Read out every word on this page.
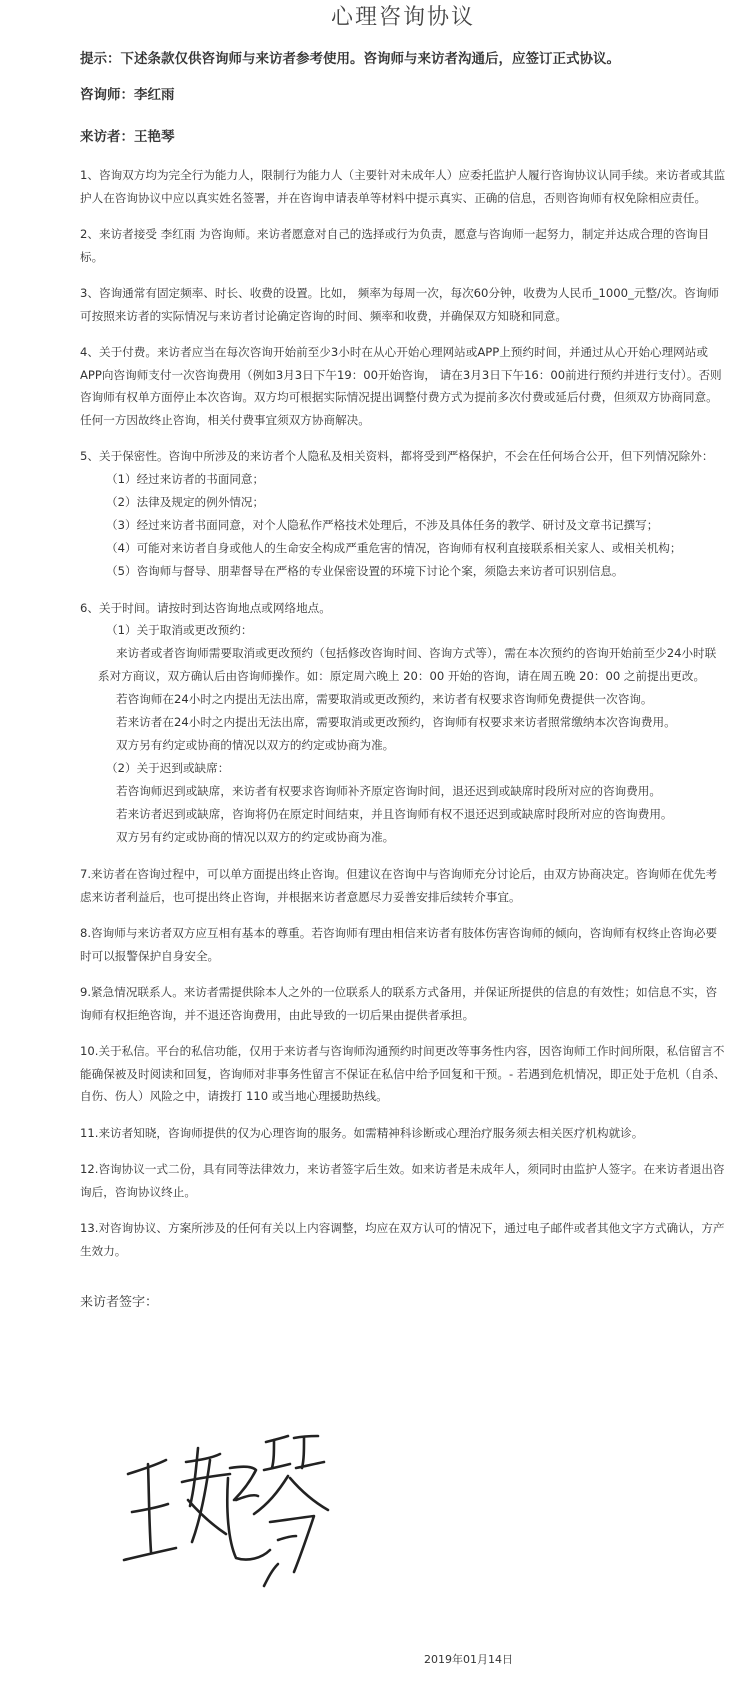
心理咨询协议

提示：下述条款仅供咨询师与来访者参考使用。咨询师与来访者沟通后，应签订正式协议。

咨询师：李红雨

来访者：王艳琴

1、咨询双方均为完全行为能力人，限制行为能力人（主要针对未成年人）应委托监护人履行咨询协议认同手续。来访者或其监护人在咨询协议中应以真实姓名签署，并在咨询申请表单等材料中提示真实、正确的信息，否则咨询师有权免除相应责任。

2、来访者接受 李红雨 为咨询师。来访者愿意对自己的选择或行为负责，愿意与咨询师一起努力，制定并达成合理的咨询目标。

3、咨询通常有固定频率、时长、收费的设置。比如， 频率为每周一次，每次60分钟，收费为人民币_1000_元整/次。咨询师可按照来访者的实际情况与来访者讨论确定咨询的时间、频率和收费，并确保双方知晓和同意。

4、关于付费。来访者应当在每次咨询开始前至少3小时在从心开始心理网站或APP上预约时间，并通过从心开始心理网站或APP向咨询师支付一次咨询费用（例如3月3日下午19：00开始咨询， 请在3月3日下午16：00前进行预约并进行支付）。否则咨询师有权单方面停止本次咨询。双方均可根据实际情况提出调整付费方式为提前多次付费或延后付费，但须双方协商同意。任何一方因故终止咨询，相关付费事宜须双方协商解决。

5、关于保密性。咨询中所涉及的来访者个人隐私及相关资料，都将受到严格保护，不会在任何场合公开，但下列情况除外：

（1）经过来访者的书面同意；

（2）法律及规定的例外情况；

（3）经过来访者书面同意，对个人隐私作严格技术处理后，不涉及具体任务的教学、研讨及文章书记撰写；

（4）可能对来访者自身或他人的生命安全构成严重危害的情况，咨询师有权利直接联系相关家人、或相关机构；

（5）咨询师与督导、朋辈督导在严格的专业保密设置的环境下讨论个案，须隐去来访者可识别信息。

6、关于时间。请按时到达咨询地点或网络地点。

（1）关于取消或更改预约：

来访者或者咨询师需要取消或更改预约（包括修改咨询时间、咨询方式等），需在本次预约的咨询开始前至少24小时联系对方商议，双方确认后由咨询师操作。如：原定周六晚上 20：00 开始的咨询，请在周五晚 20：00 之前提出更改。

若咨询师在24小时之内提出无法出席，需要取消或更改预约，来访者有权要求咨询师免费提供一次咨询。

若来访者在24小时之内提出无法出席，需要取消或更改预约，咨询师有权要求来访者照常缴纳本次咨询费用。

双方另有约定或协商的情况以双方的约定或协商为准。

（2）关于迟到或缺席：

若咨询师迟到或缺席，来访者有权要求咨询师补齐原定咨询时间，退还迟到或缺席时段所对应的咨询费用。

若来访者迟到或缺席，咨询将仍在原定时间结束，并且咨询师有权不退还迟到或缺席时段所对应的咨询费用。

双方另有约定或协商的情况以双方的约定或协商为准。

7.来访者在咨询过程中，可以单方面提出终止咨询。但建议在咨询中与咨询师充分讨论后，由双方协商决定。咨询师在优先考虑来访者利益后，也可提出终止咨询，并根据来访者意愿尽力妥善安排后续转介事宜。

8.咨询师与来访者双方应互相有基本的尊重。若咨询师有理由相信来访者有肢体伤害咨询师的倾向，咨询师有权终止咨询必要时可以报警保护自身安全。

9.紧急情况联系人。来访者需提供除本人之外的一位联系人的联系方式备用，并保证所提供的信息的有效性；如信息不实，咨询师有权拒绝咨询，并不退还咨询费用，由此导致的一切后果由提供者承担。

10.关于私信。平台的私信功能，仅用于来访者与咨询师沟通预约时间更改等事务性内容，因咨询师工作时间所限，私信留言不能确保被及时阅读和回复，咨询师对非事务性留言不保证在私信中给予回复和干预。- 若遇到危机情况，即正处于危机（自杀、自伤、伤人）风险之中，请拨打 110 或当地心理援助热线。

11.来访者知晓，咨询师提供的仅为心理咨询的服务。如需精神科诊断或心理治疗服务须去相关医疗机构就诊。

12.咨询协议一式二份，具有同等法律效力，来访者签字后生效。如来访者是未成年人，须同时由监护人签字。在来访者退出咨询后，咨询协议终止。

13.对咨询协议、方案所涉及的任何有关以上内容调整，均应在双方认可的情况下，通过电子邮件或者其他文字方式确认，方产生效力。

来访者签字：

王艳琴
2019年01月14日
